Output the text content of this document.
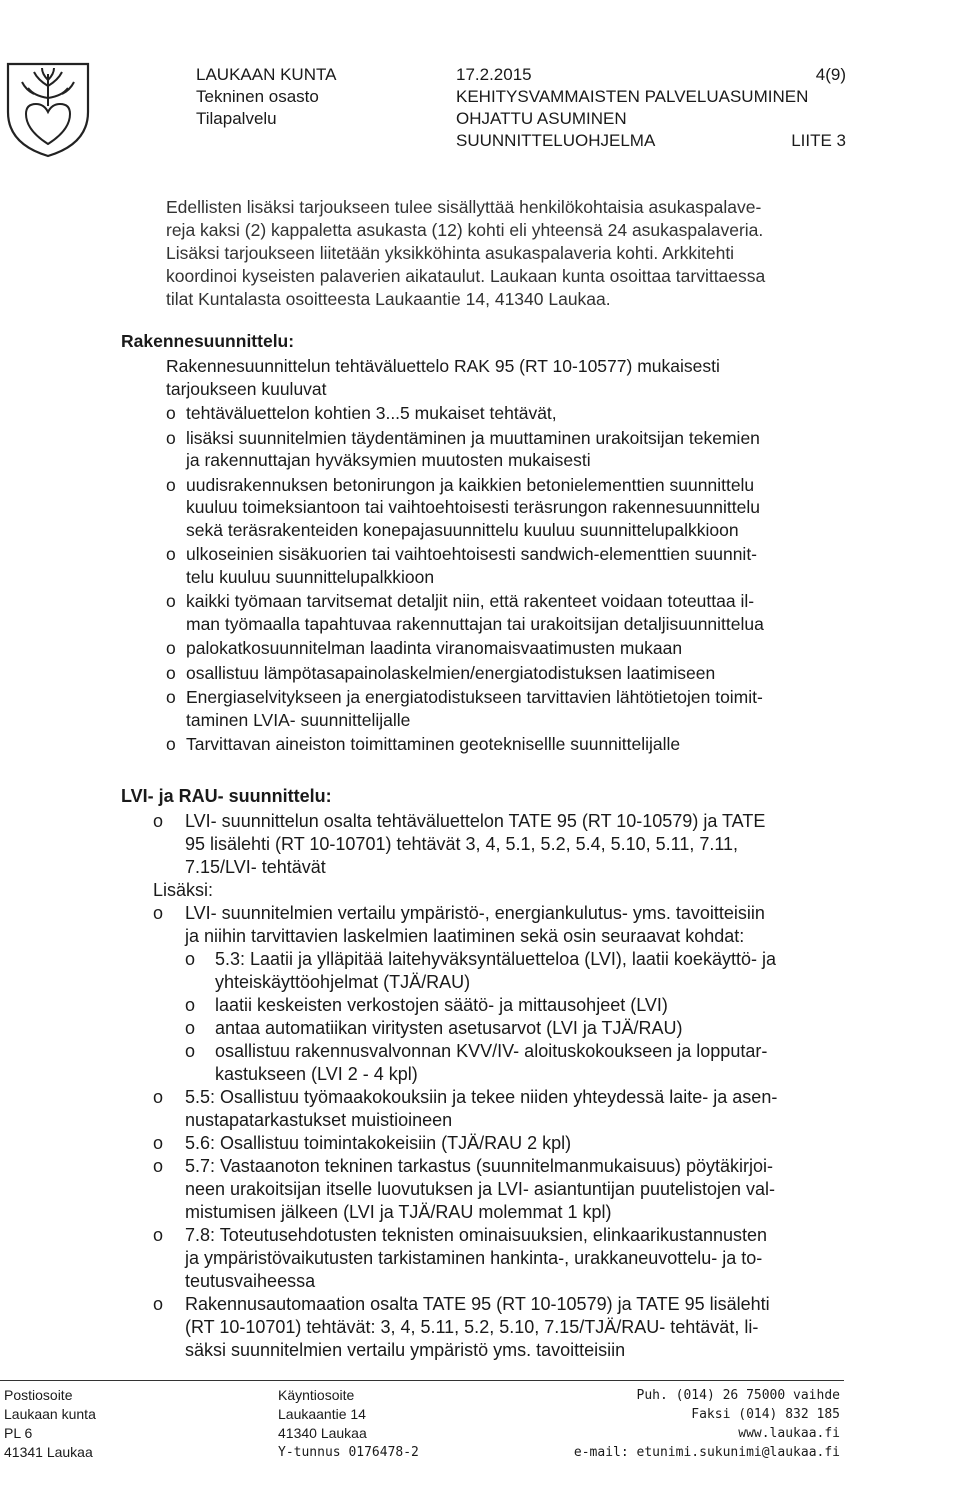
LAUKAAN KUNTA
Tekninen osasto
Tilapalvelu
17.2.2015
KEHITYSVAMMAISTEN PALVELUASUMINEN
OHJATTU ASUMINEN
SUUNNITTELUOHJELMA
4(9)
LIITE 3
Edellisten lisäksi tarjoukseen tulee sisällyttää henkilökohtaisia asukaspalave-
reja kaksi (2) kappaletta asukasta (12) kohti eli yhteensä 24 asukaspalaveria.
Lisäksi tarjoukseen liitetään yksikköhinta asukaspalaveria kohti. Arkkitehti
koordinoi kyseisten palaverien aikataulut. Laukaan kunta osoittaa tarvittaessa
tilat Kuntalasta osoitteesta Laukaantie 14, 41340 Laukaa.
Rakennesuunnittelu:
Rakennesuunnittelun tehtäväluettelo RAK 95 (RT 10-10577) mukaisesti
tarjoukseen kuuluvat
o tehtäväluettelon kohtien 3...5 mukaiset tehtävät,
o lisäksi suunnitelmien täydentäminen ja muuttaminen urakoitsijan tekemien
ja rakennuttajan hyväksymien muutosten mukaisesti
o uudisrakennuksen betonirungon ja kaikkien betonielementtien suunnittelu
kuuluu toimeksiantoon tai vaihtoehtoisesti teräsrungon rakennesuunnittelu
sekä teräsrakenteiden konepajasuunnittelu kuuluu suunnittelupalkkioon
o ulkoseinien sisäkuorien tai vaihtoehtoisesti sandwich-elementtien suunnit-
telu kuuluu suunnittelupalkkioon
o kaikki työmaan tarvitsemat detaljit niin, että rakenteet voidaan toteuttaa il-
man työmaalla tapahtuvaa rakennuttajan tai urakoitsijan detaljisuunnittelua
o palokatkosuunnitelman laadinta viranomaisvaatimusten mukaan
o osallistuu lämpötasapainolaskelmien/energiatodistuksen laatimiseen
o Energiaselvitykseen ja energiatodistukseen tarvittavien lähtötietojen toimit-
taminen LVIA- suunnittelijalle
o Tarvittavan aineiston toimittaminen geoteknisellle suunnittelijalle
LVI- ja RAU- suunnittelu:
o LVI- suunnittelun osalta tehtäväluettelon TATE 95 (RT 10-10579) ja TATE
95 lisälehti (RT 10-10701) tehtävät 3, 4, 5.1, 5.2, 5.4, 5.10, 5.11, 7.11,
7.15/LVI- tehtävät
Lisäksi:
o LVI- suunnitelmien vertailu ympäristö-, energiankulutus- yms. tavoitteisiin
ja niihin tarvittavien laskelmien laatiminen sekä osin seuraavat kohdat:
o 5.3: Laatii ja ylläpitää laitehyväksyntäluetteloa (LVI), laatii koekäyttö- ja
yhteiskäyttöohjelmat (TJÄ/RAU)
o laatii keskeisten verkostojen säätö- ja mittausohjeet (LVI)
o antaa automatiikan viritysten asetusarvot (LVI ja TJÄ/RAU)
o osallistuu rakennusvalvonnan KVV/IV- aloituskokoukseen ja lopputar-
kastukseen (LVI 2 - 4 kpl)
o 5.5: Osallistuu työmaakokouksiin ja tekee niiden yhteydessä laite- ja asen-
nustapatarkastukset muistioineen
o 5.6: Osallistuu toimintakokeisiin (TJÄ/RAU 2 kpl)
o 5.7: Vastaanoton tekninen tarkastus (suunnitelmanmukaisuus) pöytäkirjoi-
neen urakoitsijan itselle luovutuksen ja LVI- asiantuntijan puutelistojen val-
mistumisen jälkeen (LVI ja TJÄ/RAU molemmat 1 kpl)
o 7.8: Toteutusehdotusten teknisten ominaisuuksien, elinkaarikustannusten
ja ympäristövaikutusten tarkistaminen hankinta-, urakkaneuvottelu- ja to-
teutusvaiheessa
o Rakennusautomaation osalta TATE 95 (RT 10-10579) ja TATE 95 lisälehti
(RT 10-10701) tehtävät: 3, 4, 5.11, 5.2, 5.10, 7.15/TJÄ/RAU- tehtävät, li-
säksi suunnitelmien vertailu ympäristö yms. tavoitteisiin
Postiosoite
Laukaan kunta
PL 6
41341 Laukaa
Käyntiosoite
Laukaantie 14
41340 Laukaa
Y-tunnus 0176478-2
Puh. (014) 26 75000 vaihde
Faksi (014) 832 185
www.laukaa.fi
e-mail: etunimi.sukunimi@laukaa.fi
